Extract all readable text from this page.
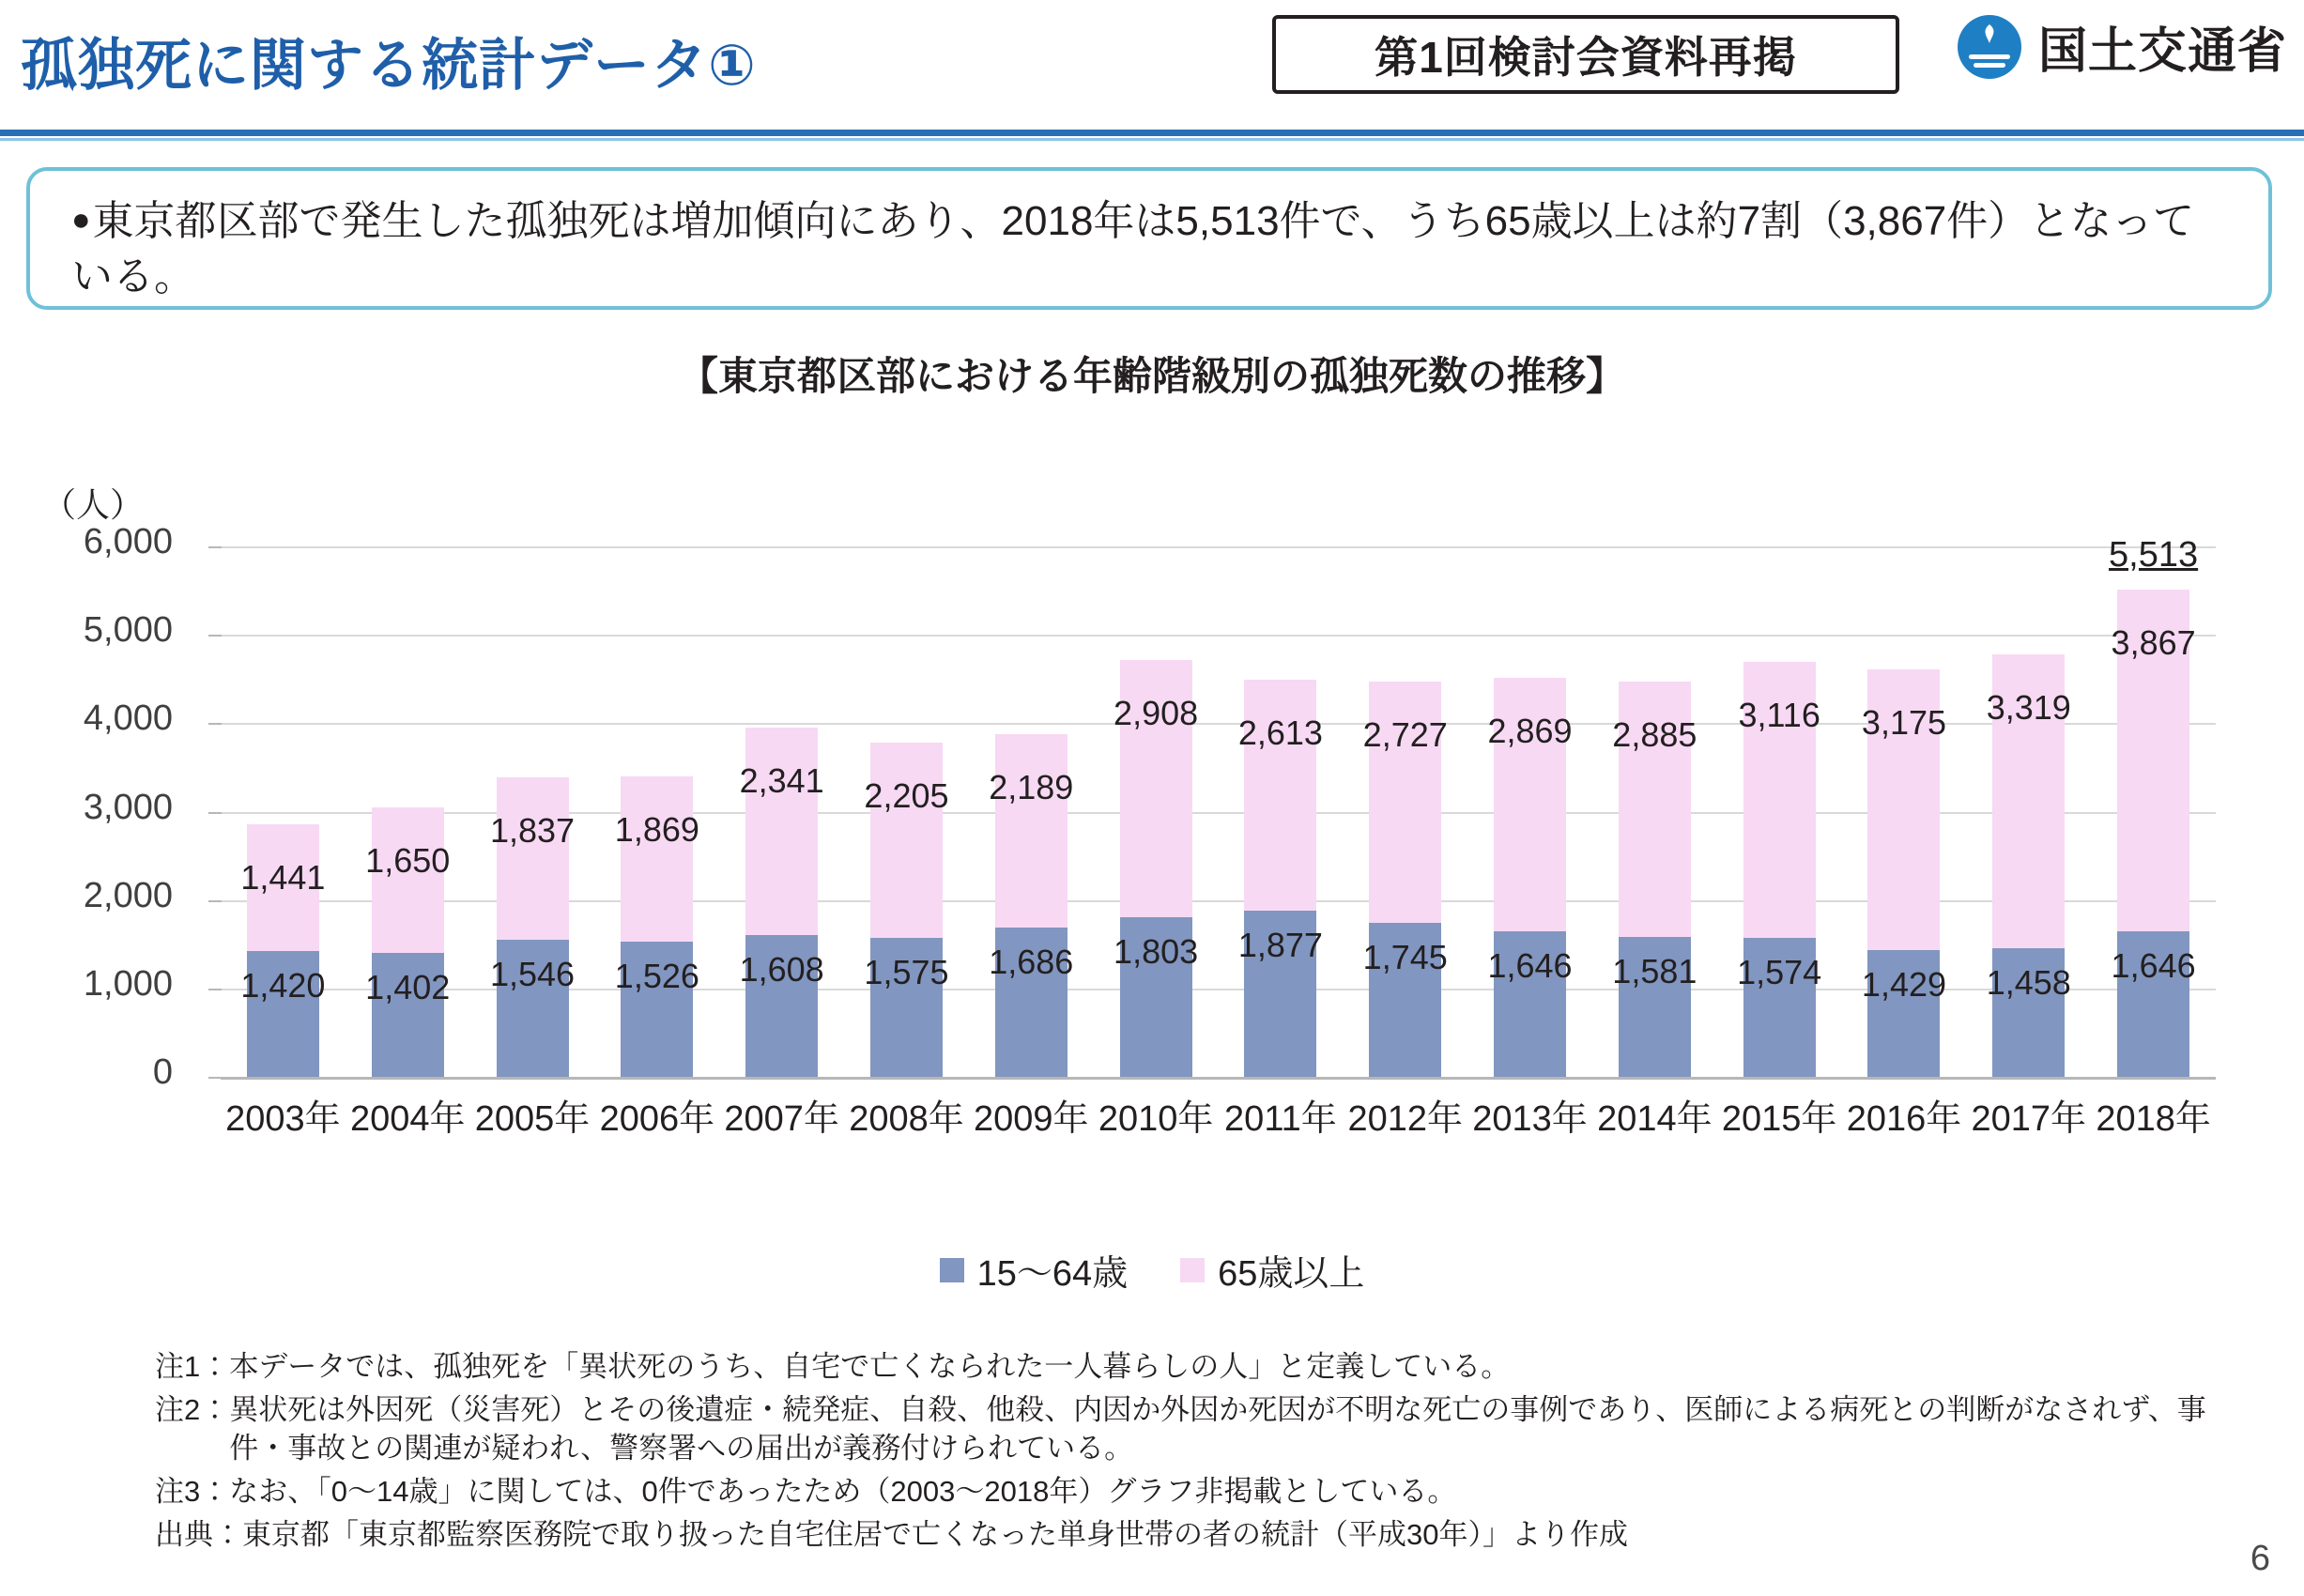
孤独死に関する統計データ①	第1回検討会資料再掲	国土交通省
●東京都区部で発生した孤独死は増加傾向にあり、2018年は5,513件で、うち65歳以上は約7割（3,867件）となっている。
【東京都区部における年齢階級別の孤独死数の推移】
（人）
0
1,000
2,000
3,000
4,000
5,000
6,000
1,420
1,441
2003年
1,402
1,650
2004年
1,546
1,837
2005年
1,526
1,869
2006年
1,608
2,341
2007年
1,575
2,205
2008年
1,686
2,189
2009年
1,803
2,908
2010年
1,877
2,613
2011年
1,745
2,727
2012年
1,646
2,869
2013年
1,581
2,885
2014年
1,574
3,116
2015年
1,429
3,175
2016年
1,458
3,319
2017年
1,646
3,867
2018年
5,513
15〜64歳	65歳以上
注1： 本データでは、孤独死を「異状死のうち、自宅で亡くなられた一人暮らしの人」と定義している。
注2： 異状死は外因死（災害死）とその後遺症・続発症、自殺、他殺、内因か外因か死因が不明な死亡の事例であり、医師による病死との判断がなされず、事件・事故との関連が疑われ、警察署への届出が義務付けられている。
注3： なお、「0〜14歳」に関しては、0件であったため（2003〜2018年）グラフ非掲載としている。
出典： 東京都「東京都監察医務院で取り扱った自宅住居で亡くなった単身世帯の者の統計（平成30年）」より作成
6
